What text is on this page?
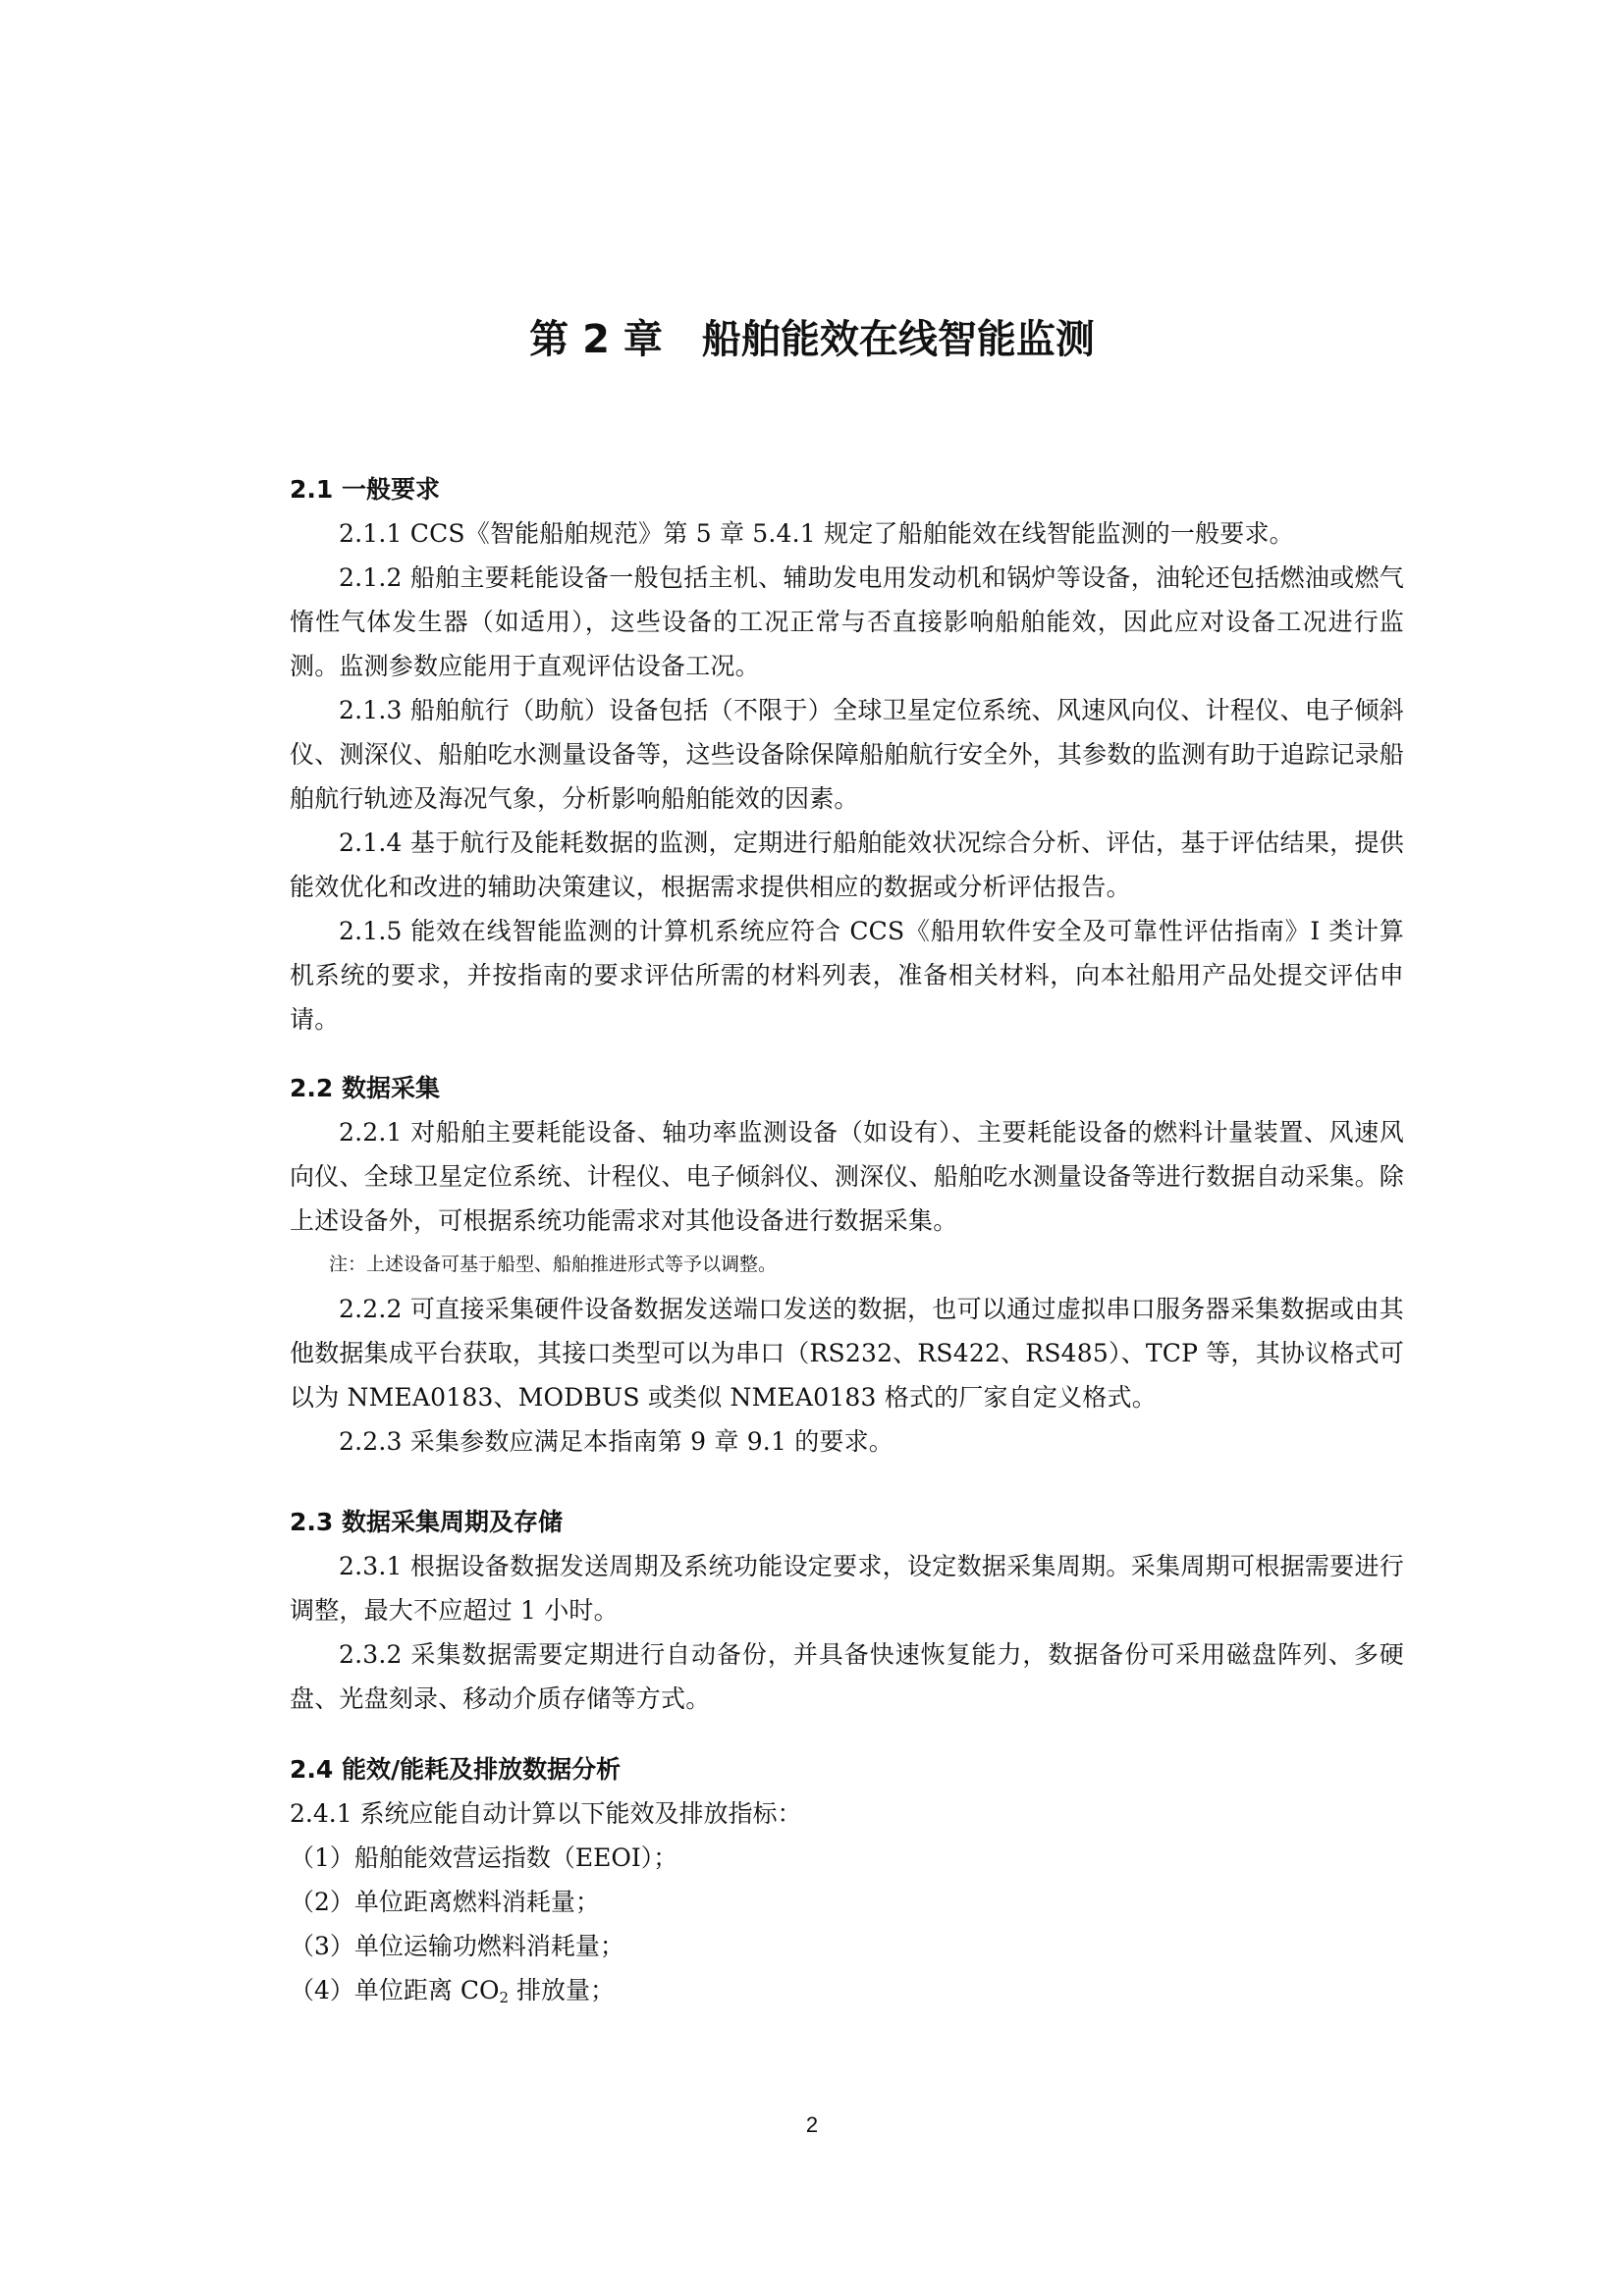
第 2 章 船舶能效在线智能监测
2.1 一般要求

2.1.1 CCS《智能船舶规范》第 5 章 5.4.1 规定了船舶能效在线智能监测的一般要求。

2.1.2 船舶主要耗能设备一般包括主机、辅助发电用发动机和锅炉等设备，油轮还包括燃油或燃气惰性气体发生器（如适用），这些设备的工况正常与否直接影响船舶能效，因此应对设备工况进行监测。监测参数应能用于直观评估设备工况。

2.1.3 船舶航行（助航）设备包括（不限于）全球卫星定位系统、风速风向仪、计程仪、电子倾斜仪、测深仪、船舶吃水测量设备等，这些设备除保障船舶航行安全外，其参数的监测有助于追踪记录船舶航行轨迹及海况气象，分析影响船舶能效的因素。

2.1.4 基于航行及能耗数据的监测，定期进行船舶能效状况综合分析、评估，基于评估结果，提供能效优化和改进的辅助决策建议，根据需求提供相应的数据或分析评估报告。

2.1.5 能效在线智能监测的计算机系统应符合 CCS《船用软件安全及可靠性评估指南》I 类计算机系统的要求，并按指南的要求评估所需的材料列表，准备相关材料，向本社船用产品处提交评估申请。

2.2 数据采集

2.2.1 对船舶主要耗能设备、轴功率监测设备（如设有）、主要耗能设备的燃料计量装置、风速风向仪、全球卫星定位系统、计程仪、电子倾斜仪、测深仪、船舶吃水测量设备等进行数据自动采集。除上述设备外，可根据系统功能需求对其他设备进行数据采集。

注：上述设备可基于船型、船舶推进形式等予以调整。

2.2.2 可直接采集硬件设备数据发送端口发送的数据，也可以通过虚拟串口服务器采集数据或由其他数据集成平台获取，其接口类型可以为串口（RS232、RS422、RS485）、TCP 等，其协议格式可以为 NMEA0183、MODBUS 或类似 NMEA0183 格式的厂家自定义格式。

2.2.3 采集参数应满足本指南第 9 章 9.1 的要求。

2.3 数据采集周期及存储

2.3.1 根据设备数据发送周期及系统功能设定要求，设定数据采集周期。采集周期可根据需要进行调整，最大不应超过 1 小时。

2.3.2 采集数据需要定期进行自动备份，并具备快速恢复能力，数据备份可采用磁盘阵列、多硬盘、光盘刻录、移动介质存储等方式。

2.4 能效/能耗及排放数据分析

2.4.1 系统应能自动计算以下能效及排放指标：

（1）船舶能效营运指数（EEOI）；

（2）单位距离燃料消耗量；

（3）单位运输功燃料消耗量；

（4）单位距离 $CO_2$ 排放量；

2
